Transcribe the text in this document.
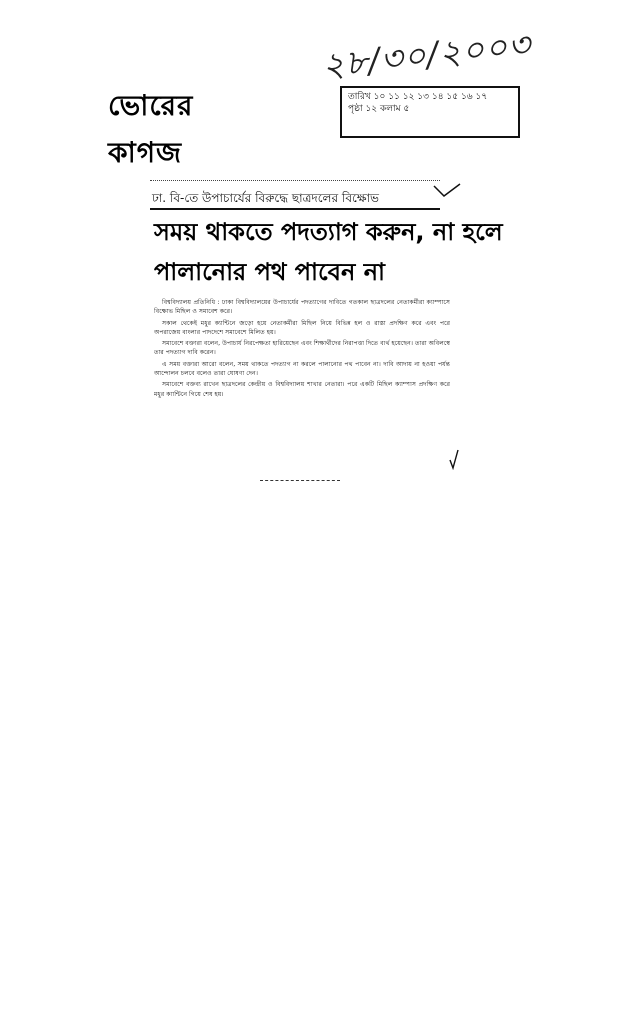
২৮/৩০/২০০৩
ভোরের কাগজ
তারিখ ১০ ১১ ১২ ১৩ ১৪ ১৫ ১৬ ১৭
পৃষ্ঠা ১২ কলাম ৫
ঢা. বি-তে উপাচার্যের বিরুদ্ধে ছাত্রদলের বিক্ষোভ
সময় থাকতে পদত্যাগ করুন, না হলে
পালানোর পথ পাবেন না

বিশ্ববিদ্যালয় প্রতিনিধি : ঢাকা বিশ্ববিদ্যালয়ের উপাচার্যের পদত্যাগের দাবিতে গতকাল ছাত্রদলের নেতাকর্মীরা ক্যাম্পাসে বিক্ষোভ মিছিল ও সমাবেশ করে।

সকাল থেকেই মধুর ক্যান্টিনে জড়ো হয়ে নেতাকর্মীরা মিছিল নিয়ে বিভিন্ন হল ও রাস্তা প্রদক্ষিণ করে এবং পরে অপরাজেয় বাংলার পাদদেশে সমাবেশে মিলিত হয়।

সমাবেশে বক্তারা বলেন, উপাচার্য নিরপেক্ষতা হারিয়েছেন এবং শিক্ষার্থীদের নিরাপত্তা দিতে ব্যর্থ হয়েছেন। তারা অবিলম্বে তার পদত্যাগ দাবি করেন।

এ সময় বক্তারা আরো বলেন, সময় থাকতে পদত্যাগ না করলে পালানোর পথ পাবেন না। দাবি আদায় না হওয়া পর্যন্ত আন্দোলন চলবে বলেও তারা ঘোষণা দেন।

সমাবেশে বক্তব্য রাখেন ছাত্রদলের কেন্দ্রীয় ও বিশ্ববিদ্যালয় শাখার নেতারা। পরে একটি মিছিল ক্যাম্পাস প্রদক্ষিণ করে মধুর ক্যান্টিনে গিয়ে শেষ হয়।
